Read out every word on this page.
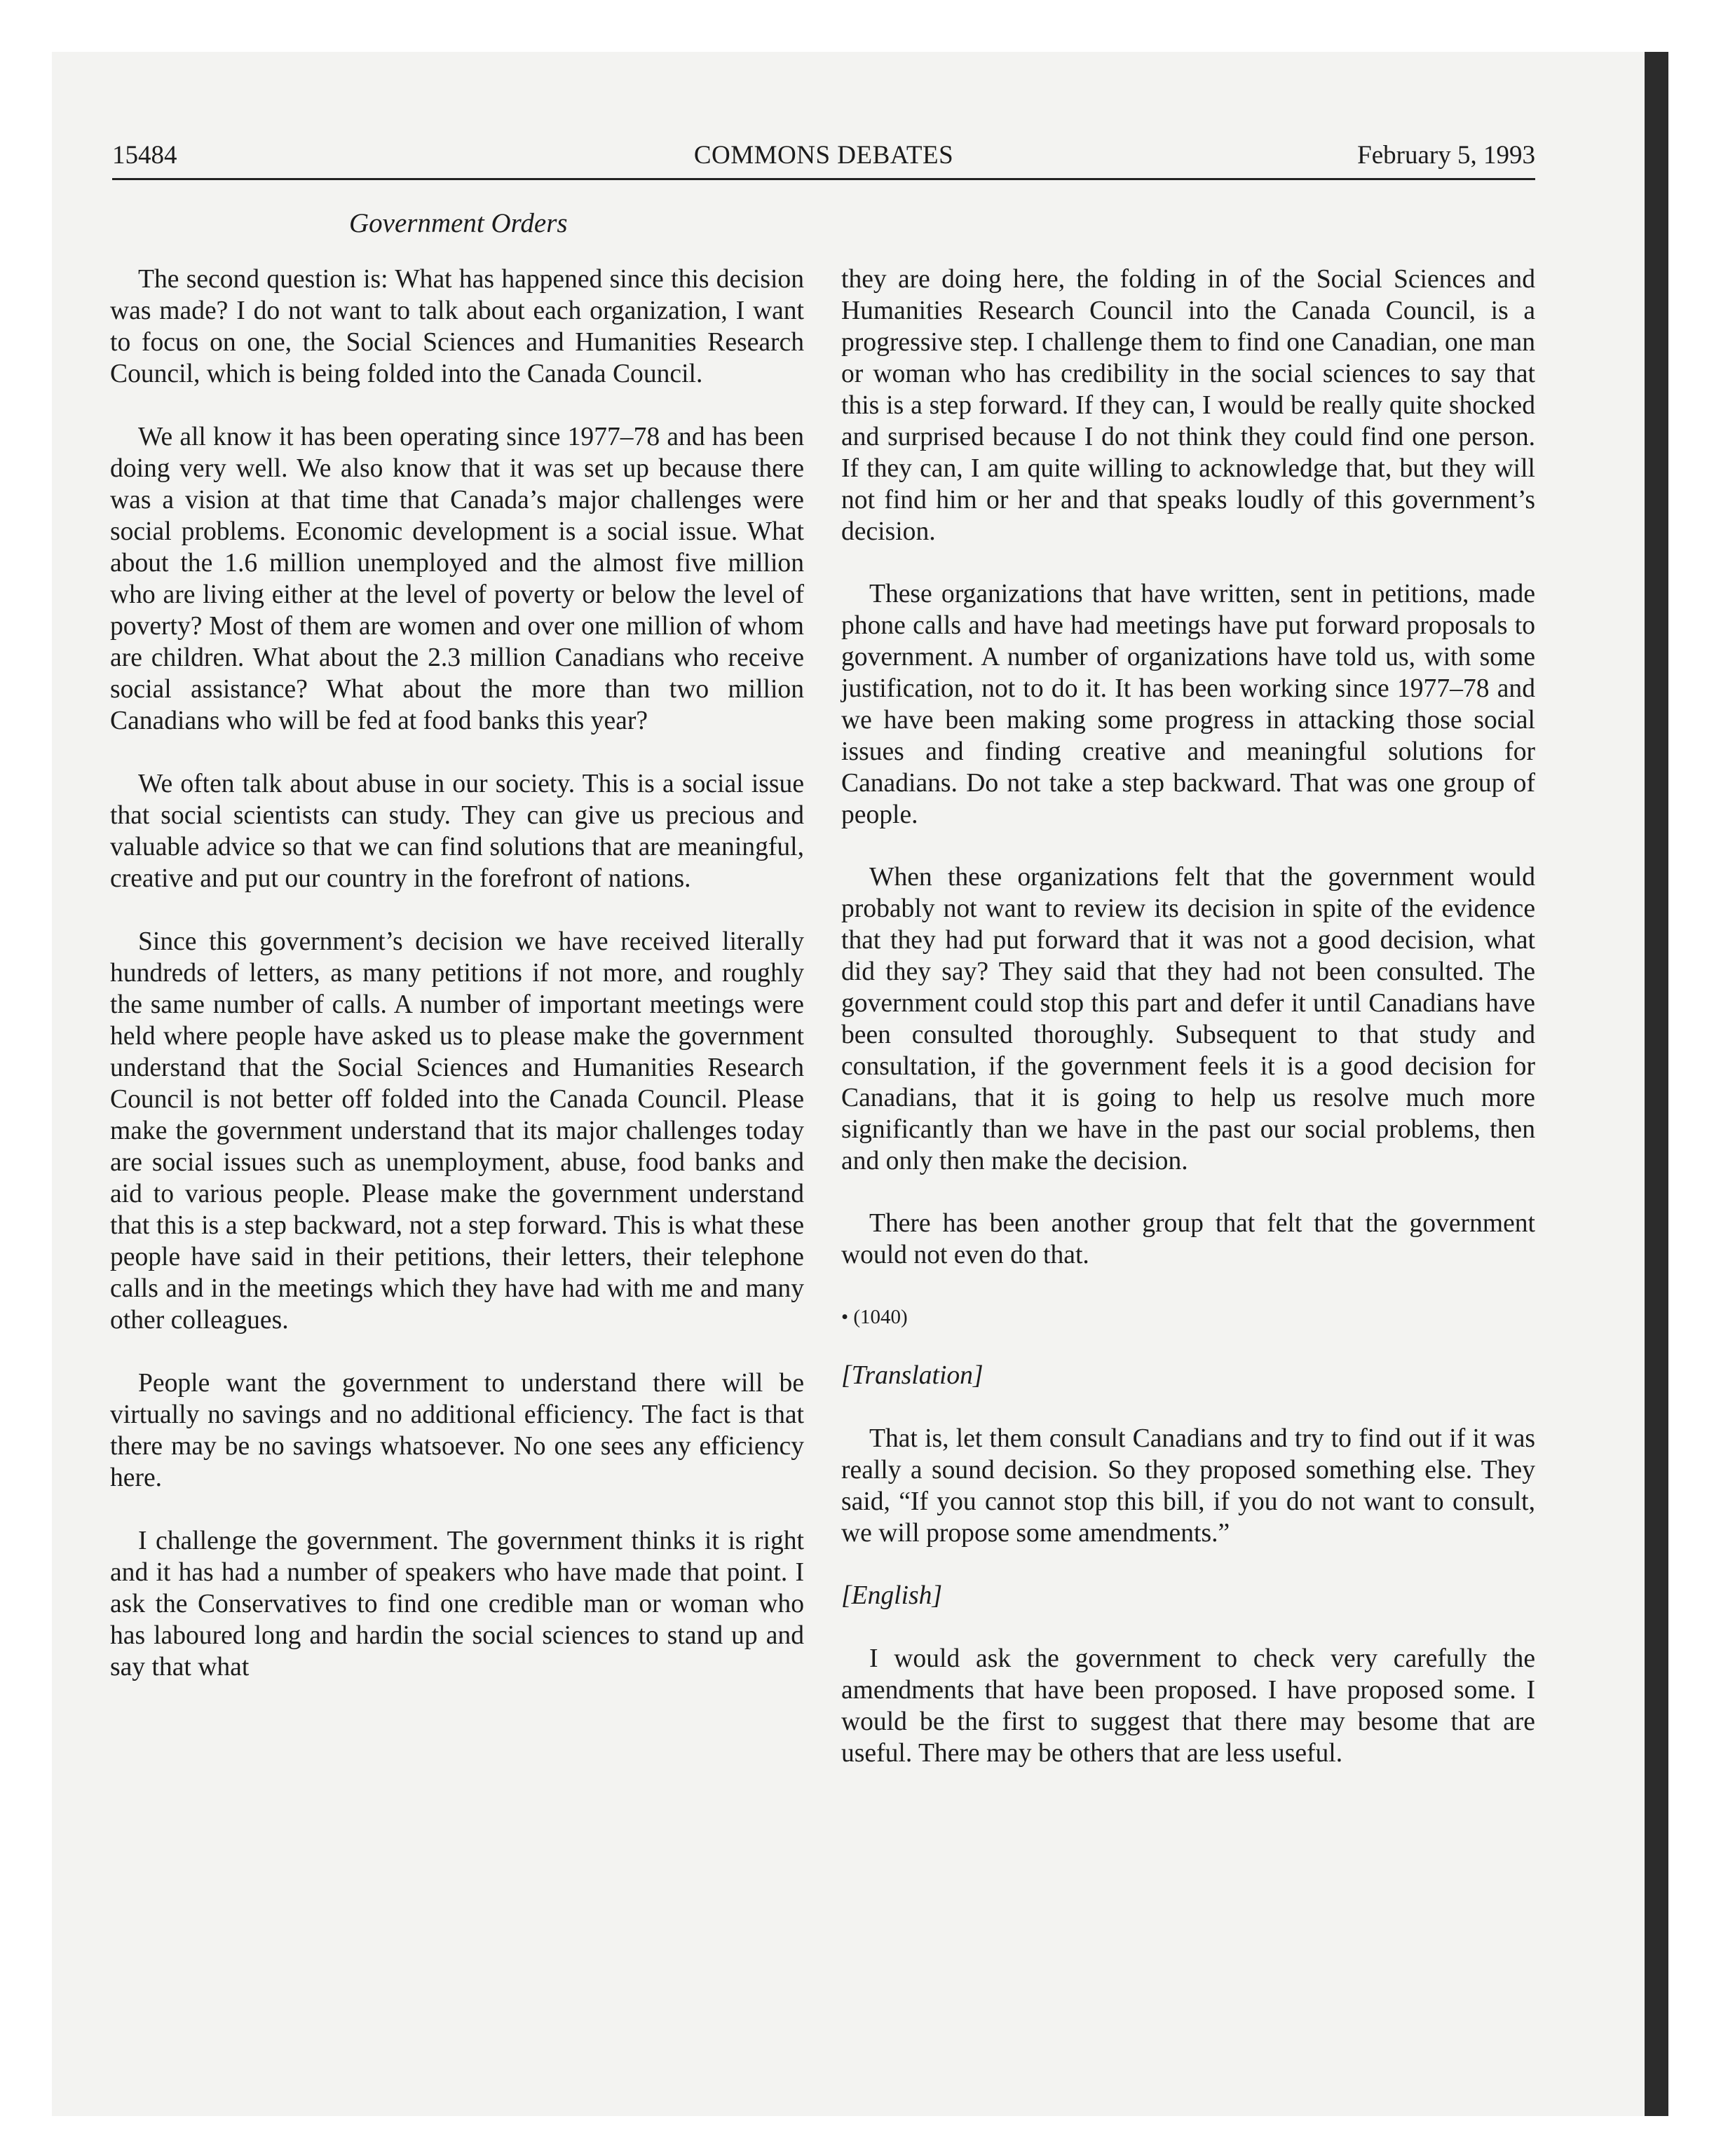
15484	COMMONS DEBATES	February 5, 1993
Government Orders

The second question is: What has happened since this decision was made? I do not want to talk about each organization, I want to focus on one, the Social Sciences and Humanities Research Council, which is being folded into the Canada Council.

We all know it has been operating since 1977–78 and has been doing very well. We also know that it was set up because there was a vision at that time that Canada’s major challenges were social problems. Economic development is a social issue. What about the 1.6 million unemployed and the almost five million who are living either at the level of poverty or below the level of poverty? Most of them are women and over one million of whom are children. What about the 2.3 million Canadians who receive social assistance? What about the more than two million Canadians who will be fed at food banks this year?

We often talk about abuse in our society. This is a social issue that social scientists can study. They can give us precious and valuable advice so that we can find solutions that are meaningful, creative and put our country in the forefront of nations.

Since this government’s decision we have received literally hundreds of letters, as many petitions if not more, and roughly the same number of calls. A number of important meetings were held where people have asked us to please make the government understand that the Social Sciences and Humanities Research Council is not better off folded into the Canada Council. Please make the government understand that its major challenges today are social issues such as unemployment, abuse, food banks and aid to various people. Please make the government understand that this is a step backward, not a step forward. This is what these people have said in their petitions, their letters, their telephone calls and in the meetings which they have had with me and many other colleagues.

People want the government to understand there will be virtually no savings and no additional efficiency. The fact is that there may be no savings whatsoever. No one sees any efficiency here.

I challenge the government. The government thinks it is right and it has had a number of speakers who have made that point. I ask the Conservatives to find one credible man or woman who has laboured long and hardin the social sciences to stand up and say that what

they are doing here, the folding in of the Social Sciences and Humanities Research Council into the Canada Council, is a progressive step. I challenge them to find one Canadian, one man or woman who has credibility in the social sciences to say that this is a step forward. If they can, I would be really quite shocked and surprised because I do not think they could find one person. If they can, I am quite willing to acknowledge that, but they will not find him or her and that speaks loudly of this government’s decision.

These organizations that have written, sent in petitions, made phone calls and have had meetings have put forward proposals to government. A number of organizations have told us, with some justification, not to do it. It has been working since 1977–78 and we have been making some progress in attacking those social issues and finding creative and meaningful solutions for Canadians. Do not take a step backward. That was one group of people.

When these organizations felt that the government would probably not want to review its decision in spite of the evidence that they had put forward that it was not a good decision, what did they say? They said that they had not been consulted. The government could stop this part and defer it until Canadians have been consulted thoroughly. Subsequent to that study and consultation, if the government feels it is a good decision for Canadians, that it is going to help us resolve much more significantly than we have in the past our social problems, then and only then make the decision.

There has been another group that felt that the government would not even do that.

• (1040)
[Translation]

That is, let them consult Canadians and try to find out if it was really a sound decision. So they proposed something else. They said, “If you cannot stop this bill, if you do not want to consult, we will propose some amendments.”

[English]

I would ask the government to check very carefully the amendments that have been proposed. I have proposed some. I would be the first to suggest that there may besome that are useful. There may be others that are less useful.
